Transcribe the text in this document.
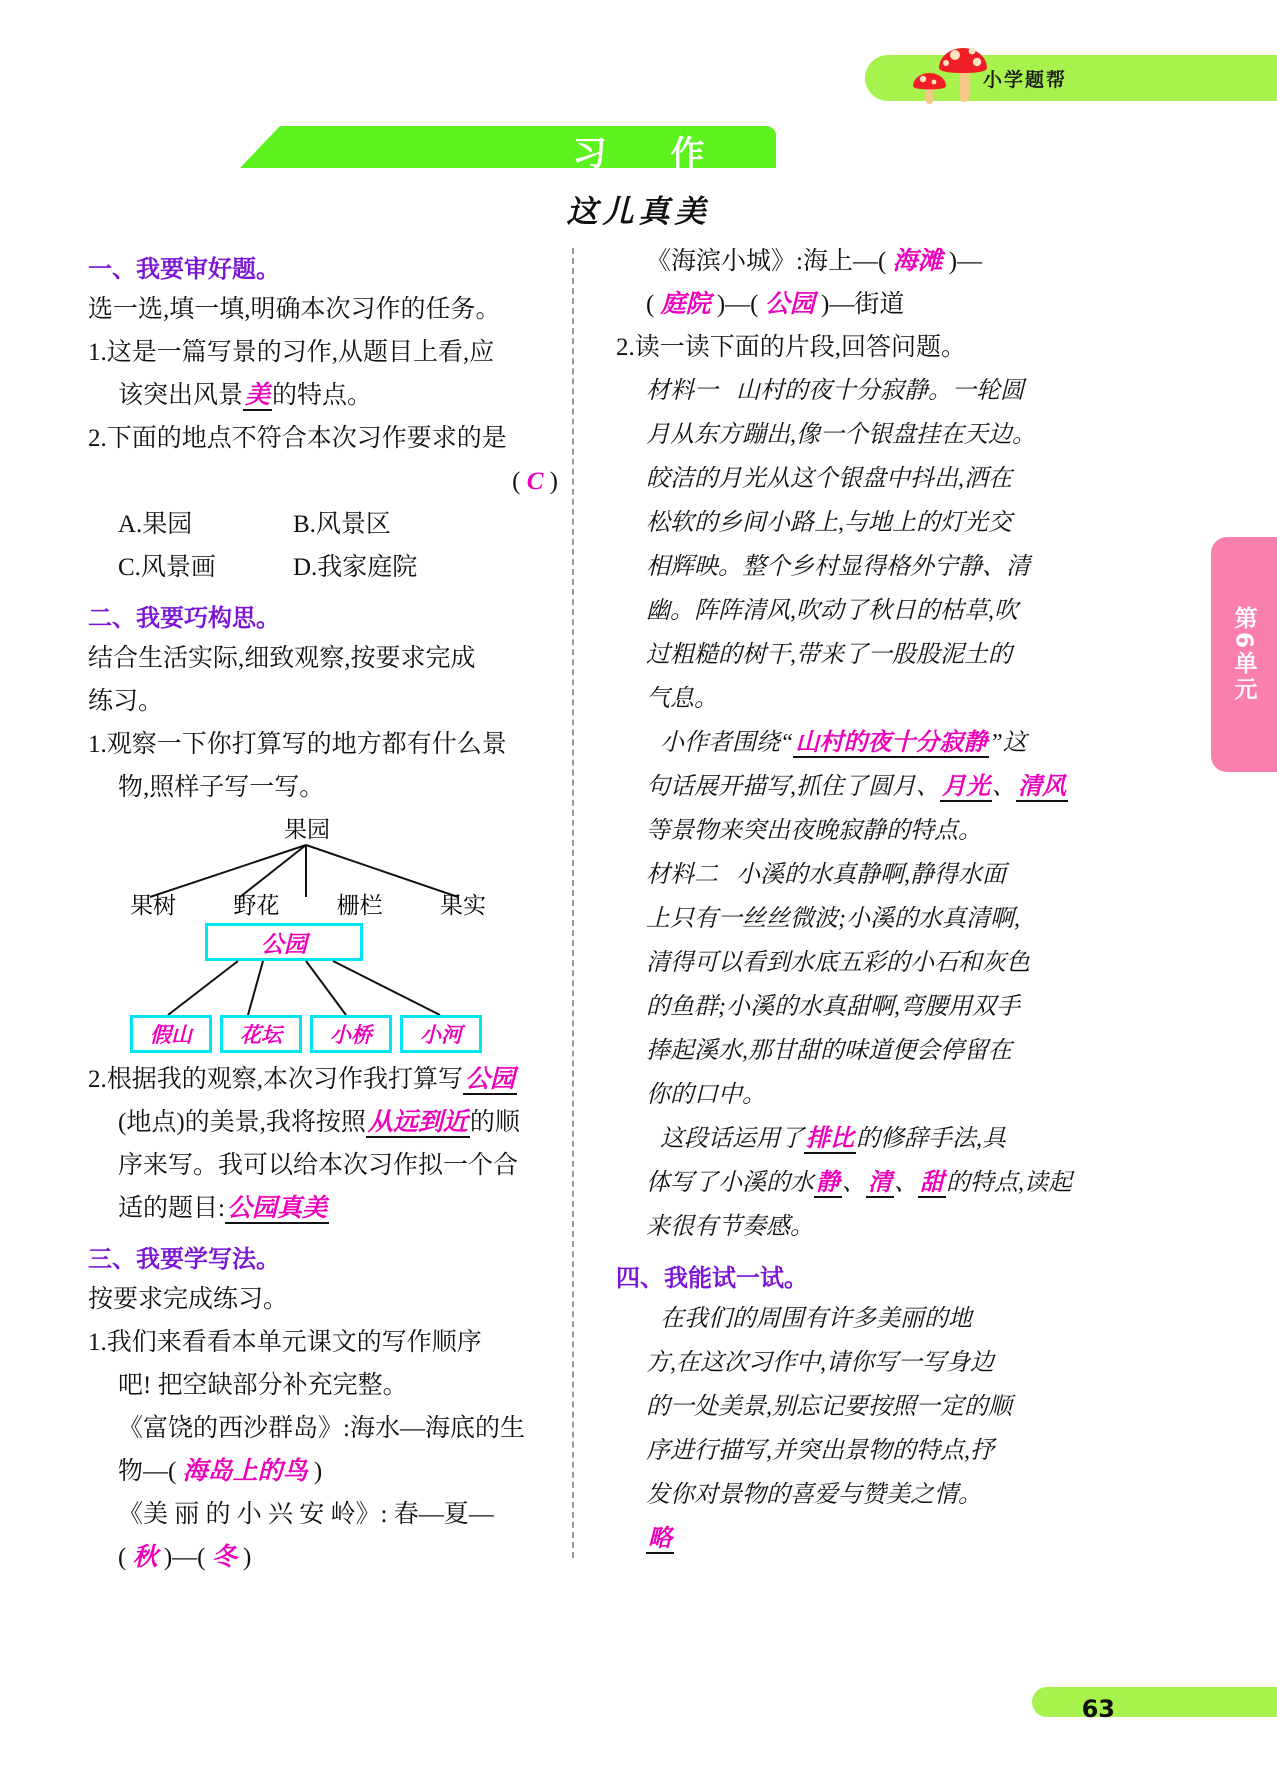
小学题帮
习 作
这儿真美
一、我要审好题。
选一选,填一填,明确本次习作的任务。
1.这是一篇写景的习作,从题目上看,应
该突出风景美的特点。
2.下面的地点不符合本次习作要求的是
( C )
A.果园	B.风景区
C.风景画	D.我家庭院
二、我要巧构思。
结合生活实际,细致观察,按要求完成
练习。
1.观察一下你打算写的地方都有什么景
物,照样子写一写。
果园
果树 野花 栅栏 果实
公园
假山	花坛	小桥	小河
2.根据我的观察,本次习作我打算写公园
(地点)的美景,我将按照从远到近的顺
序来写。我可以给本次习作拟一个合
适的题目:公园真美
三、我要学写法。
按要求完成练习。
1.我们来看看本单元课文的写作顺序
吧! 把空缺部分补充完整。
《富饶的西沙群岛》:海水—海底的生
物—( 海岛上的鸟 )
《美 丽 的 小 兴 安 岭》: 春—夏—
( 秋 )—( 冬 )
《海滨小城》:海上—( 海滩 )—
( 庭院 )—( 公园 )—街道
2.读一读下面的片段,回答问题。
材料一 山村的夜十分寂静。一轮圆
月从东方蹦出,像一个银盘挂在天边。
皎洁的月光从这个银盘中抖出,洒在
松软的乡间小路上,与地上的灯光交
相辉映。整个乡村显得格外宁静、清
幽。阵阵清风,吹动了秋日的枯草,吹
过粗糙的树干,带来了一股股泥土的
气息。
小作者围绕“山村的夜十分寂静”这
句话展开描写,抓住了圆月、月光、清风
等景物来突出夜晚寂静的特点。
材料二 小溪的水真静啊,静得水面
上只有一丝丝微波;小溪的水真清啊,
清得可以看到水底五彩的小石和灰色
的鱼群;小溪的水真甜啊,弯腰用双手
捧起溪水,那甘甜的味道便会停留在
你的口中。
这段话运用了排比的修辞手法,具
体写了小溪的水静、清、甜的特点,读起
来很有节奏感。
四、我能试一试。
在我们的周围有许多美丽的地
方,在这次习作中,请你写一写身边
的一处美景,别忘记要按照一定的顺
序进行描写,并突出景物的特点,抒
发你对景物的喜爱与赞美之情。
略
第6单元
63
